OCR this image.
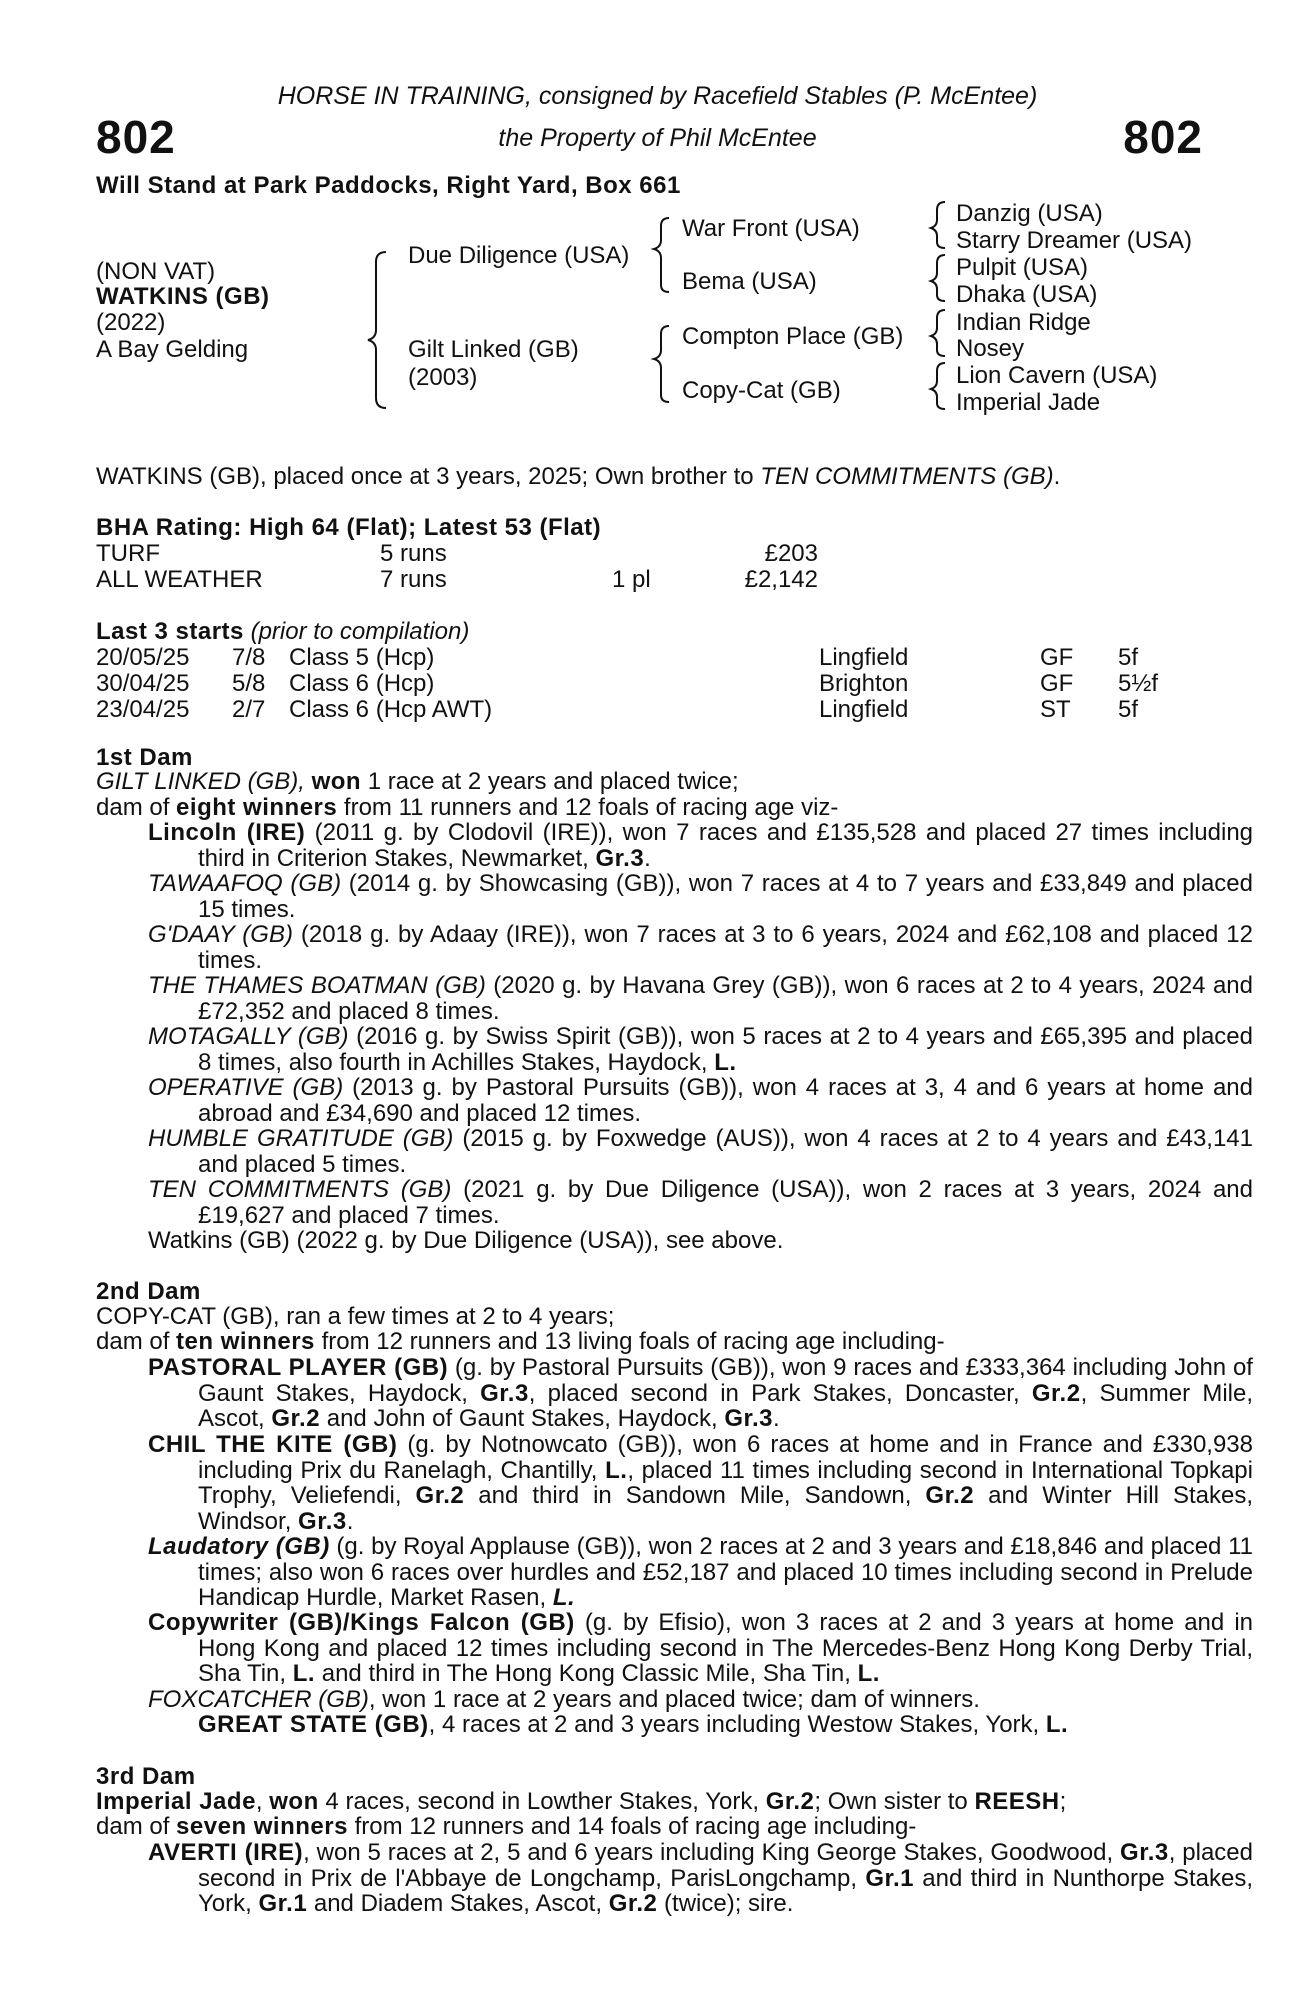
802	802
HORSE IN TRAINING, consigned by Racefield Stables (P. McEntee)
the Property of Phil McEntee
Will Stand at Park Paddocks, Right Yard, Box 661
(NON VAT)
WATKINS (GB)
(2022)
A Bay Gelding
Due Diligence (USA)
Gilt Linked (GB)
(2003)
War Front (USA)
Bema (USA)
Compton Place (GB)
Copy-Cat (GB)
Danzig (USA)
Starry Dreamer (USA)
Pulpit (USA)
Dhaka (USA)
Indian Ridge
Nosey
Lion Cavern (USA)
Imperial Jade
WATKINS (GB), placed once at 3 years, 2025; Own brother to TEN COMMITMENTS (GB).
BHA Rating: High 64 (Flat); Latest 53 (Flat)
TURF	5 runs	£203
ALL WEATHER	7 runs	1 pl	£2,142
Last 3 starts (prior to compilation)
20/05/25 7/8 Class 5 (Hcp)	Lingfield	GF 5f
30/04/25 5/8 Class 6 (Hcp)	Brighton	GF 5½f
23/04/25 2/7 Class 6 (Hcp AWT)	Lingfield	ST 5f
1st Dam
GILT LINKED (GB), won 1 race at 2 years and placed twice;
dam of eight winners from 11 runners and 12 foals of racing age viz-
Lincoln (IRE) (2011 g. by Clodovil (IRE)), won 7 races and £135,528 and placed 27 times including third in Criterion Stakes, Newmarket, Gr.3.
TAWAAFOQ (GB) (2014 g. by Showcasing (GB)), won 7 races at 4 to 7 years and £33,849 and placed 15 times.
G'DAAY (GB) (2018 g. by Adaay (IRE)), won 7 races at 3 to 6 years, 2024 and £62,108 and placed 12 times.
THE THAMES BOATMAN (GB) (2020 g. by Havana Grey (GB)), won 6 races at 2 to 4 years, 2024 and £72,352 and placed 8 times.
MOTAGALLY (GB) (2016 g. by Swiss Spirit (GB)), won 5 races at 2 to 4 years and £65,395 and placed 8 times, also fourth in Achilles Stakes, Haydock, L.
OPERATIVE (GB) (2013 g. by Pastoral Pursuits (GB)), won 4 races at 3, 4 and 6 years at home and abroad and £34,690 and placed 12 times.
HUMBLE GRATITUDE (GB) (2015 g. by Foxwedge (AUS)), won 4 races at 2 to 4 years and £43,141 and placed 5 times.
TEN COMMITMENTS (GB) (2021 g. by Due Diligence (USA)), won 2 races at 3 years, 2024 and £19,627 and placed 7 times.
Watkins (GB) (2022 g. by Due Diligence (USA)), see above.
2nd Dam
COPY-CAT (GB), ran a few times at 2 to 4 years;
dam of ten winners from 12 runners and 13 living foals of racing age including-
PASTORAL PLAYER (GB) (g. by Pastoral Pursuits (GB)), won 9 races and £333,364 including John of Gaunt Stakes, Haydock, Gr.3, placed second in Park Stakes, Doncaster, Gr.2, Summer Mile, Ascot, Gr.2 and John of Gaunt Stakes, Haydock, Gr.3.
CHIL THE KITE (GB) (g. by Notnowcato (GB)), won 6 races at home and in France and £330,938 including Prix du Ranelagh, Chantilly, L., placed 11 times including second in International Topkapi Trophy, Veliefendi, Gr.2 and third in Sandown Mile, Sandown, Gr.2 and Winter Hill Stakes, Windsor, Gr.3.
Laudatory (GB) (g. by Royal Applause (GB)), won 2 races at 2 and 3 years and £18,846 and placed 11 times; also won 6 races over hurdles and £52,187 and placed 10 times including second in Prelude Handicap Hurdle, Market Rasen, L.
Copywriter (GB)/Kings Falcon (GB) (g. by Efisio), won 3 races at 2 and 3 years at home and in Hong Kong and placed 12 times including second in The Mercedes-Benz Hong Kong Derby Trial, Sha Tin, L. and third in The Hong Kong Classic Mile, Sha Tin, L.
FOXCATCHER (GB), won 1 race at 2 years and placed twice; dam of winners.
GREAT STATE (GB), 4 races at 2 and 3 years including Westow Stakes, York, L.
3rd Dam
Imperial Jade, won 4 races, second in Lowther Stakes, York, Gr.2; Own sister to REESH;
dam of seven winners from 12 runners and 14 foals of racing age including-
AVERTI (IRE), won 5 races at 2, 5 and 6 years including King George Stakes, Goodwood, Gr.3, placed second in Prix de l'Abbaye de Longchamp, ParisLongchamp, Gr.1 and third in Nunthorpe Stakes, York, Gr.1 and Diadem Stakes, Ascot, Gr.2 (twice); sire.
